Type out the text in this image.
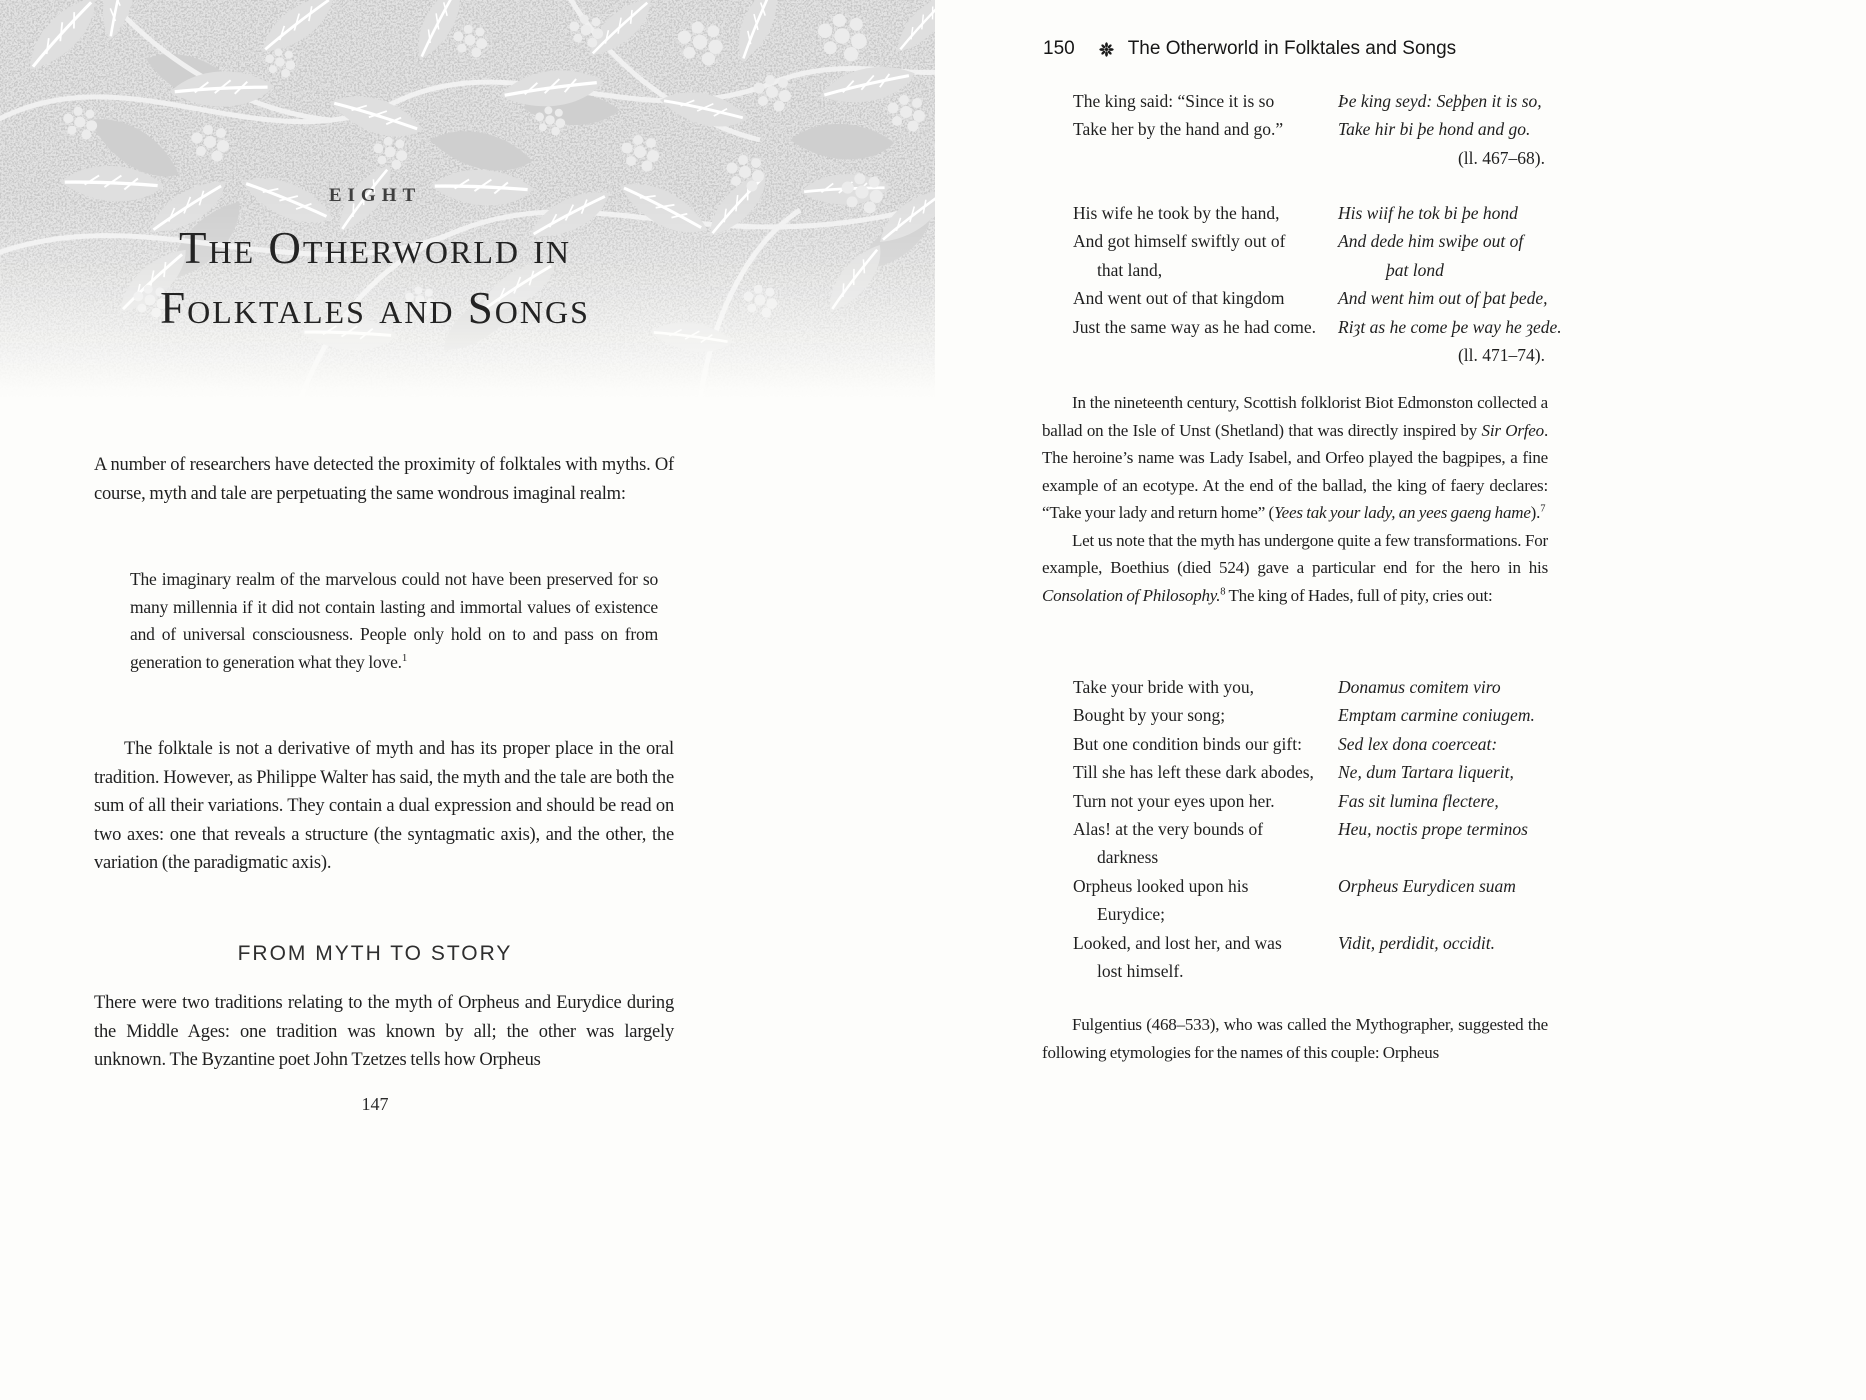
EIGHT
The Otherworld in
Folktales and Songs

A number of researchers have detected the proximity of folktales with myths. Of course, myth and tale are perpetuating the same wondrous imaginal realm:

The imaginary realm of the marvelous could not have been preserved for so many millennia if it did not contain lasting and immortal values of existence and of universal consciousness. People only hold on to and pass on from generation to generation what they love.$^1$

The folktale is not a derivative of myth and has its proper place in the oral tradition. However, as Philippe Walter has said, the myth and the tale are both the sum of all their variations. They contain a dual expression and should be read on two axes: one that reveals a structure (the syntagmatic axis), and the other, the variation (the paradigmatic axis).

FROM MYTH TO STORY

There were two traditions relating to the myth of Orpheus and Eurydice during the Middle Ages: one tradition was known by all; the other was largely unknown. The Byzantine poet John Tzetzes tells how Orpheus

147
150	The Otherworld in Folktales and Songs
The king said: “Since it is so	Þe king seyd: Seþþen it is so,
Take her by the hand and go.”	Take hir bi þe hond and go.
(ll. 467–68).
His wife he took by the hand,	His wiif he tok bi þe hond
And got himself swiftly out of	And dede him swiþe out of
that land,	þat lond
And went out of that kingdom	And went him out of þat þede,
Just the same way as he had come.	Riȝt as he come þe way he ȝede.
(ll. 471–74).

In the nineteenth century, Scottish folklorist Biot Edmonston collected a ballad on the Isle of Unst (Shetland) that was directly inspired by Sir Orfeo. The heroine’s name was Lady Isabel, and Orfeo played the bagpipes, a fine example of an ecotype. At the end of the ballad, the king of faery declares: “Take your lady and return home” (Yees tak your lady, an yees gaeng hame).$^7$

Let us note that the myth has undergone quite a few transformations. For example, Boethius (died 524) gave a particular end for the hero in his Consolation of Philosophy.$^8$ The king of Hades, full of pity, cries out:

Take your bride with you,	Donamus comitem viro
Bought by your song;	Emptam carmine coniugem.
But one condition binds our gift:	Sed lex dona coerceat:
Till she has left these dark abodes,	Ne, dum Tartara liquerit,
Turn not your eyes upon her.	Fas sit lumina flectere,
Alas! at the very bounds of	Heu, noctis prope terminos
darkness
Orpheus looked upon his	Orpheus Eurydicen suam
Eurydice;
Looked, and lost her, and was	Vidit, perdidit, occidit.
lost himself.

Fulgentius (468–533), who was called the Mythographer, suggested the following etymologies for the names of this couple: Orpheus
